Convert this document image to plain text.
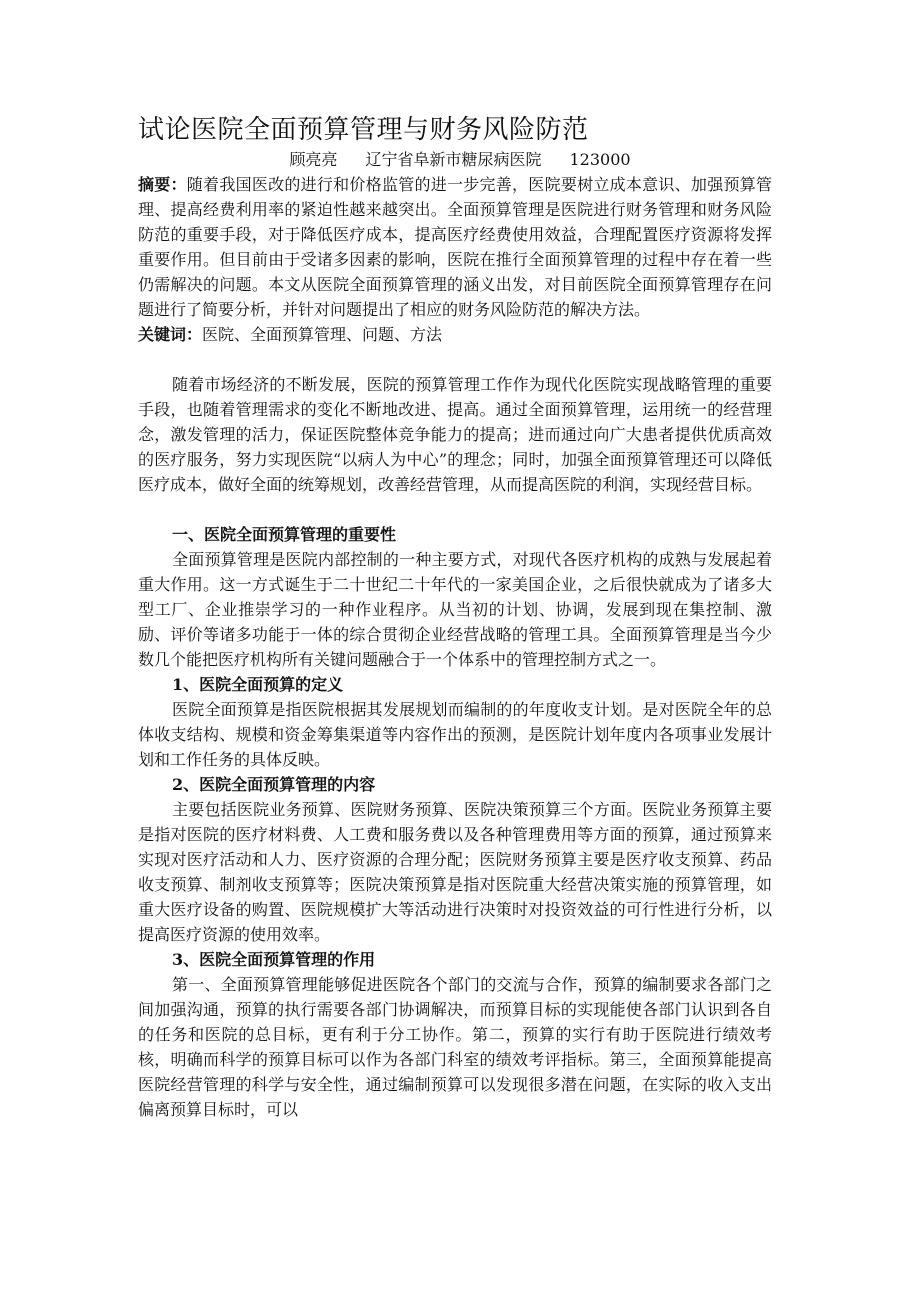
试论医院全面预算管理与财务风险防范
顾亮亮 辽宁省阜新市糖尿病医院 123000

摘要：随着我国医改的进行和价格监管的进一步完善，医院要树立成本意识、加强预算管理、提高经费利用率的紧迫性越来越突出。全面预算管理是医院进行财务管理和财务风险防范的重要手段，对于降低医疗成本，提高医疗经费使用效益，合理配置医疗资源将发挥重要作用。但目前由于受诸多因素的影响，医院在推行全面预算管理的过程中存在着一些仍需解决的问题。本文从医院全面预算管理的涵义出发，对目前医院全面预算管理存在问题进行了简要分析，并针对问题提出了相应的财务风险防范的解决方法。

关键词：医院、全面预算管理、问题、方法

随着市场经济的不断发展，医院的预算管理工作作为现代化医院实现战略管理的重要手段，也随着管理需求的变化不断地改进、提高。通过全面预算管理，运用统一的经营理念，激发管理的活力，保证医院整体竞争能力的提高；进而通过向广大患者提供优质高效的医疗服务，努力实现医院“以病人为中心”的理念；同时，加强全面预算管理还可以降低医疗成本，做好全面的统筹规划，改善经营管理，从而提高医院的利润，实现经营目标。

一、医院全面预算管理的重要性

全面预算管理是医院内部控制的一种主要方式，对现代各医疗机构的成熟与发展起着重大作用。这一方式诞生于二十世纪二十年代的一家美国企业，之后很快就成为了诸多大型工厂、企业推崇学习的一种作业程序。从当初的计划、协调，发展到现在集控制、激励、评价等诸多功能于一体的综合贯彻企业经营战略的管理工具。全面预算管理是当今少数几个能把医疗机构所有关键问题融合于一个体系中的管理控制方式之一。

1、医院全面预算的定义

医院全面预算是指医院根据其发展规划而编制的的年度收支计划。是对医院全年的总体收支结构、规模和资金筹集渠道等内容作出的预测，是医院计划年度内各项事业发展计划和工作任务的具体反映。

2、医院全面预算管理的内容

主要包括医院业务预算、医院财务预算、医院决策预算三个方面。医院业务预算主要是指对医院的医疗材料费、人工费和服务费以及各种管理费用等方面的预算，通过预算来实现对医疗活动和人力、医疗资源的合理分配；医院财务预算主要是医疗收支预算、药品收支预算、制剂收支预算等；医院决策预算是指对医院重大经营决策实施的预算管理，如重大医疗设备的购置、医院规模扩大等活动进行决策时对投资效益的可行性进行分析，以提高医疗资源的使用效率。

3、医院全面预算管理的作用

第一、全面预算管理能够促进医院各个部门的交流与合作，预算的编制要求各部门之间加强沟通，预算的执行需要各部门协调解决，而预算目标的实现能使各部门认识到各自的任务和医院的总目标，更有利于分工协作。第二，预算的实行有助于医院进行绩效考核，明确而科学的预算目标可以作为各部门科室的绩效考评指标。第三，全面预算能提高医院经营管理的科学与安全性，通过编制预算可以发现很多潜在问题，在实际的收入支出偏离预算目标时，可以
